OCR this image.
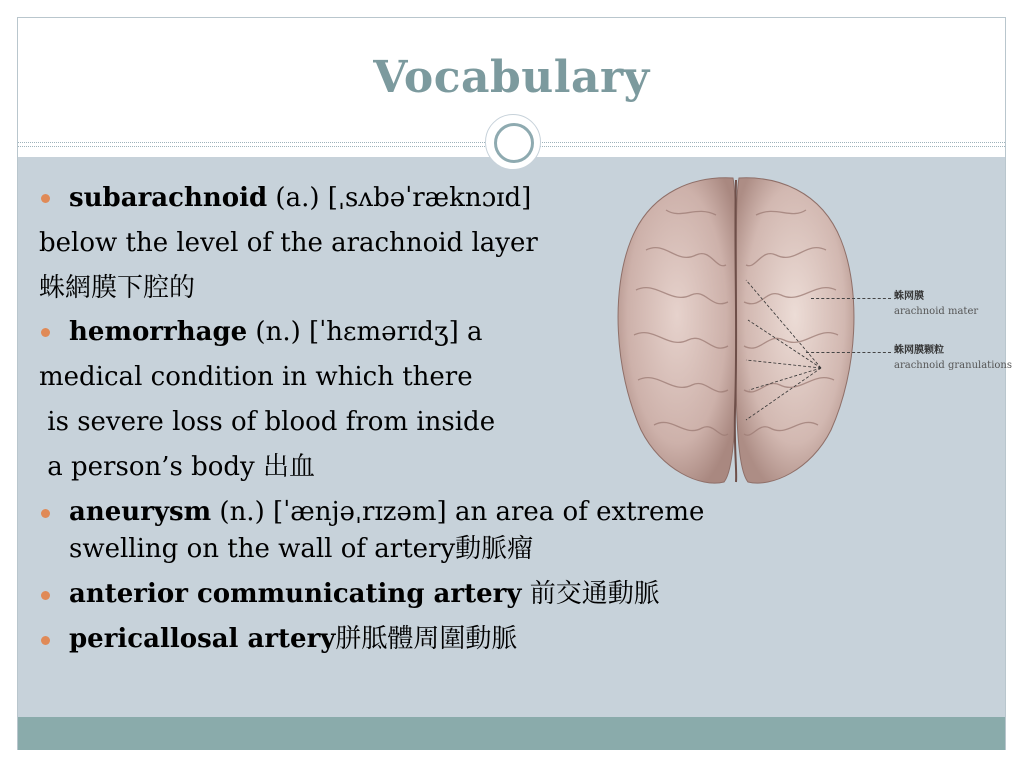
Vocabulary
蛛网膜
arachnoid mater
蛛网膜颗粒
arachnoid granulations
subarachnoid (a.) [ˌsʌbəˈræknɔɪd]
below the level of the arachnoid layer
蛛網膜下腔的
hemorrhage (n.) [ˈhɛmərɪdʒ] a
medical condition in which there
is severe loss of blood from inside
a person’s body 出血
aneurysm (n.) [ˈænjəˌrɪzəm] an area of extreme
swelling on the wall of artery動脈瘤
anterior communicating artery 前交通動脈
pericallosal artery胼胝體周圍動脈
